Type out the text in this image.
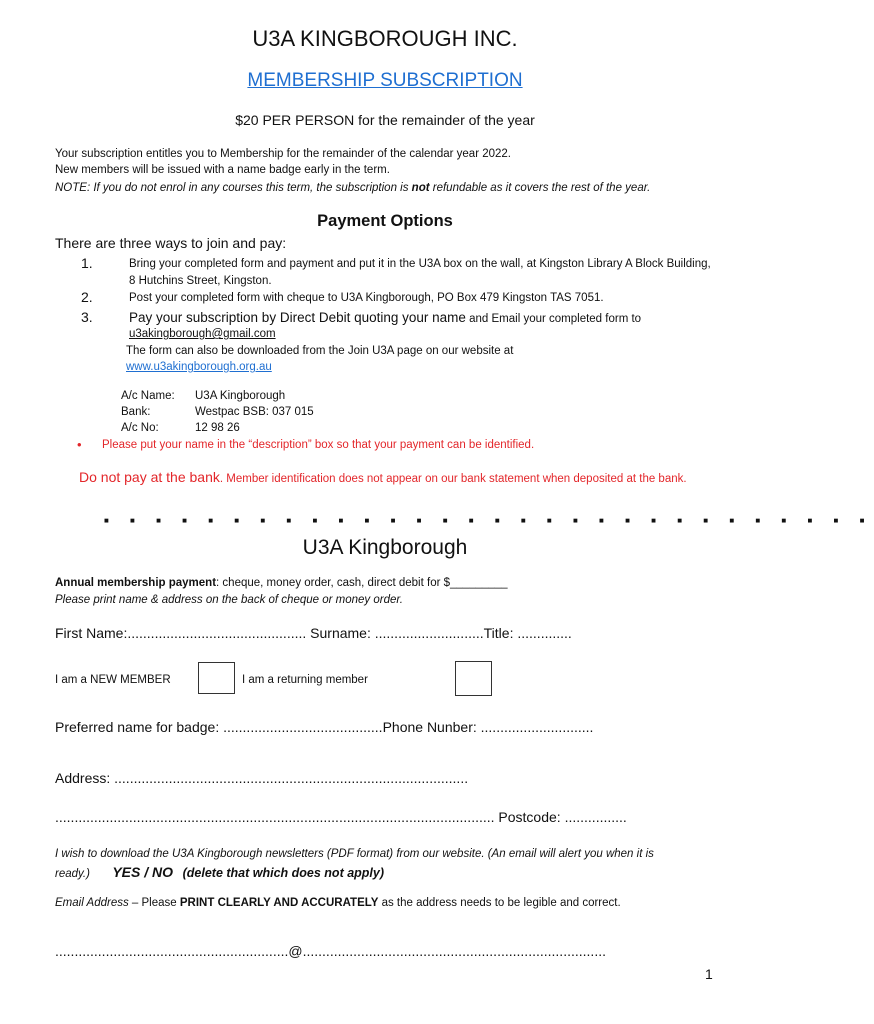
U3A KINGBOROUGH INC.
MEMBERSHIP SUBSCRIPTION
$20 PER PERSON for the remainder of the year
Your subscription entitles you to Membership for the remainder of the calendar year 2022.
New members will be issued with a name badge early in the term.
NOTE: If you do not enrol in any courses this term, the subscription is not refundable as it covers the rest of the year.
Payment Options
There are three ways to join and pay:
1.	Bring your completed form and payment and put it in the U3A box on the wall, at Kingston Library A Block Building, 8 Hutchins Street, Kingston.
2.	Post your completed form with cheque to U3A Kingborough, PO Box 479 Kingston TAS 7051.
3.	Pay your subscription by Direct Debit quoting your name and Email your completed form to
u3akingborough@gmail.com
The form can also be downloaded from the Join U3A page on our website at
www.u3akingborough.org.au
A/c Name: U3A Kingborough
Bank:	Westpac BSB: 037 015
A/c No:	12 98 26
• Please put your name in the “description” box so that your payment can be identified.
Do not pay at the bank. Member identification does not appear on our bank statement when deposited at the bank.
■ ■ ■ ■ ■ ■ ■ ■ ■ ■ ■ ■ ■ ■ ■ ■ ■ ■ ■ ■ ■ ■ ■ ■ ■ ■ ■ ■ ■ ■
U3A Kingborough
Annual membership payment: cheque, money order, cash, direct debit for $_________
Please print name & address on the back of cheque or money order.
First Name:.............................................. Surname: ............................Title: ..............
I am a NEW MEMBER	I am a returning member
Preferred name for badge: .........................................Phone Nunber: .............................
Address: ...........................................................................................
................................................................................................................. Postcode: ................
I wish to download the U3A Kingborough newsletters (PDF format) from our website. (An email will alert you when it is ready.) YES / NO (delete that which does not apply)
Email Address – Please PRINT CLEARLY AND ACCURATELY as the address needs to be legible and correct.
............................................................@..............................................................................
1
